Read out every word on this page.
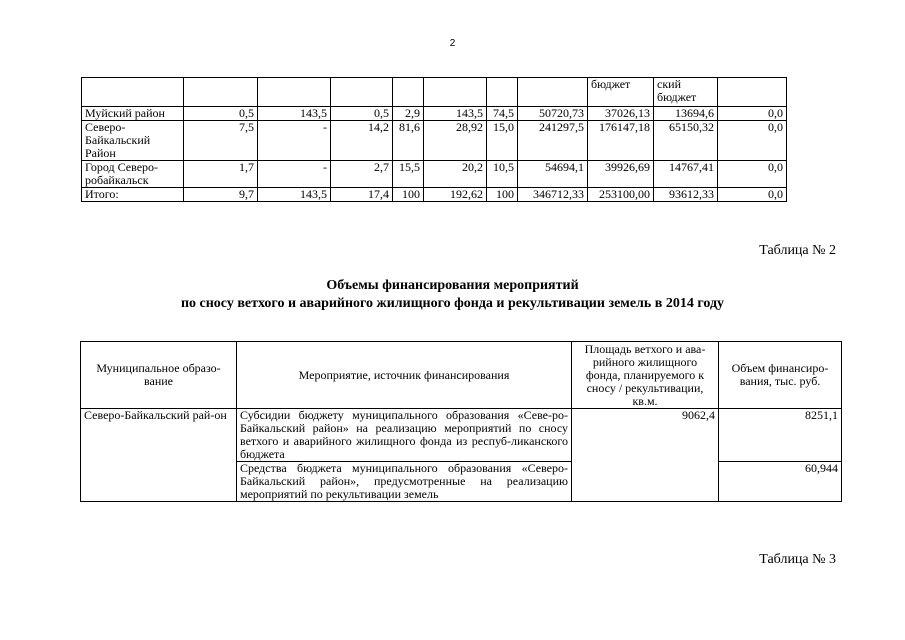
2
								бюджет	ский бюджет	
Муйский район	0,5	143,5	0,5	2,9	143,5	74,5	50720,73	37026,13	13694,6	0,0

Северо-
Байкальский
Район	7,5	-	14,2	81,6	28,92	15,0	241297,5	176147,18	65150,32	0,0

Город Северо-
робайкальск	1,7	-	2,7	15,5	20,2	10,5	54694,1	39926,69	14767,41	0,0
Итого:	9,7	143,5	17,4	100	192,62	100	346712,33	253100,00	93612,33	0,0
Таблица № 2
Объемы финансирования мероприятий
по сносу ветхого и аварийного жилищного фонда и рекультивации земель в 2014 году
Муниципальное образо-вание	Мероприятие, источник финансирования	Площадь ветхого и ава-рийного жилищного фонда, планируемого к сносу / рекультивации, кв.м.	Объем финансиро-вания, тыс. руб.
Северо-Байкальский рай-он	Субсидии бюджету муниципального образования «Севе-ро-Байкальский район» на реализацию мероприятий по сносу ветхого и аварийного жилищного фонда из респуб-ликанского бюджета	9062,4	8251,1
	Средства бюджета муниципального образования «Северо-Байкальский район», предусмотренные на реализацию мероприятий по рекультивации земель		60,944
Таблица № 3
